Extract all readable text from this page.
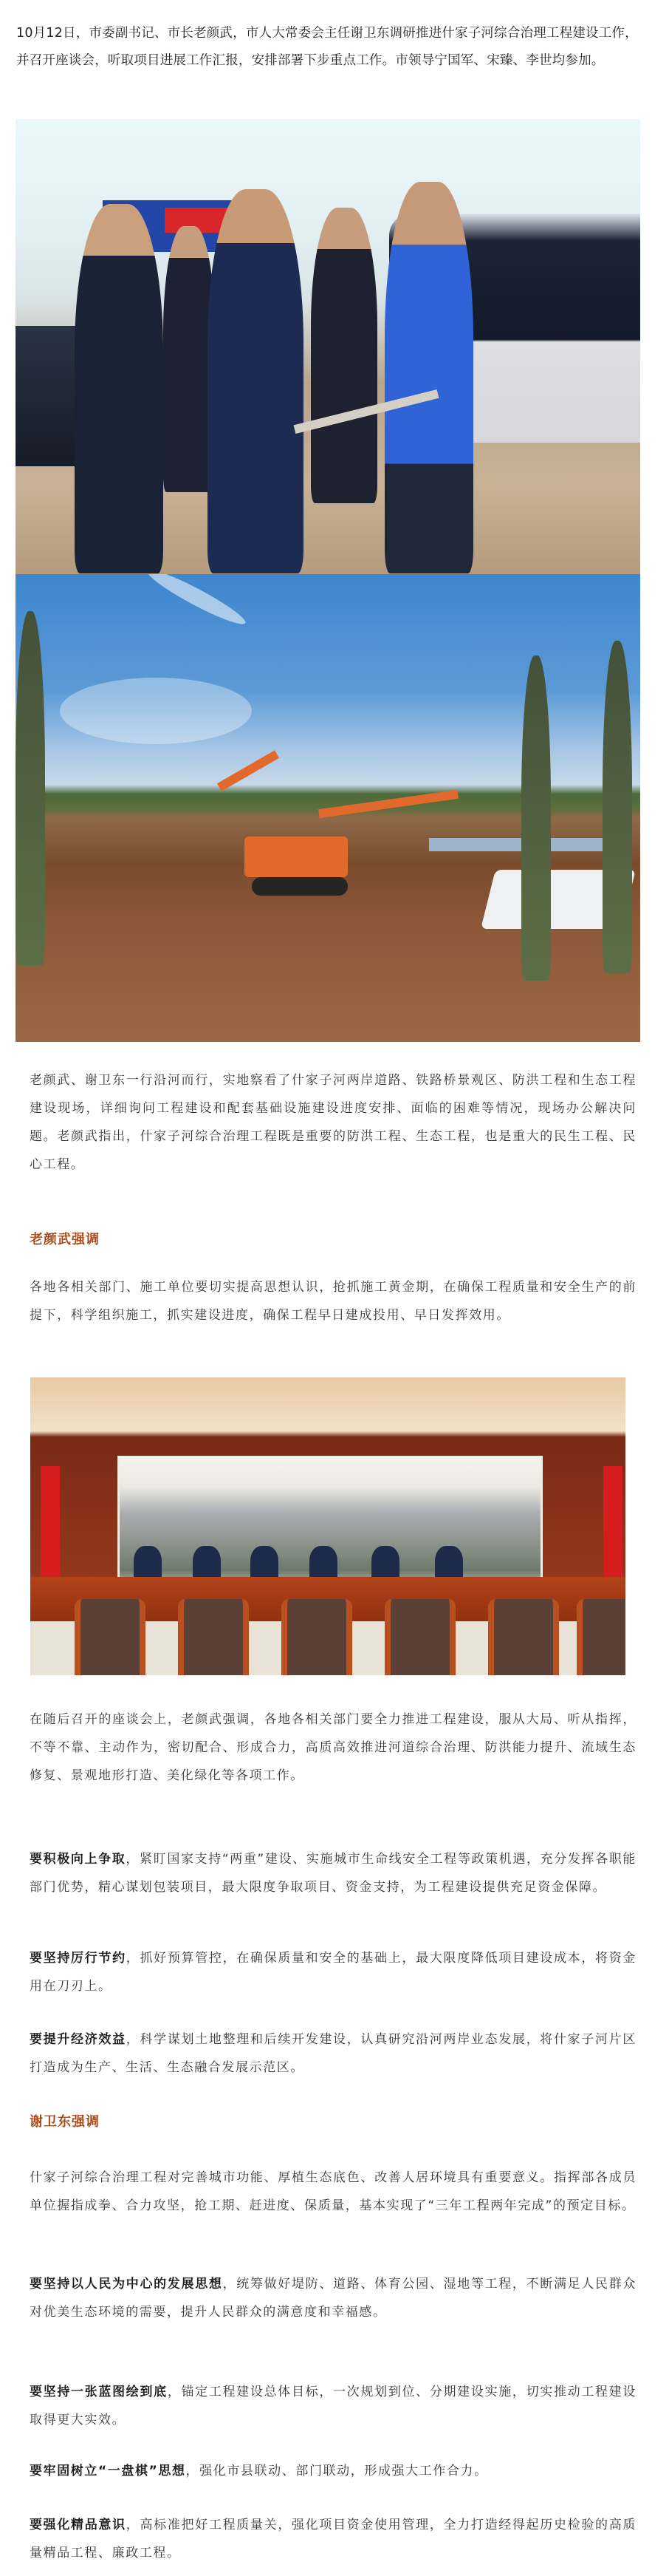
10月12日，市委副书记、市长老颜武，市人大常委会主任谢卫东调研推进什家子河综合治理工程建设工作，并召开座谈会，听取项目进展工作汇报，安排部署下步重点工作。市领导宁国军、宋臻、李世均参加。

老颜武、谢卫东一行沿河而行，实地察看了什家子河两岸道路、铁路桥景观区、防洪工程和生态工程建设现场，详细询问工程建设和配套基础设施建设进度安排、面临的困难等情况，现场办公解决问题。老颜武指出，什家子河综合治理工程既是重要的防洪工程、生态工程，也是重大的民生工程、民心工程。

老颜武强调

各地各相关部门、施工单位要切实提高思想认识，抢抓施工黄金期，在确保工程质量和安全生产的前提下，科学组织施工，抓实建设进度，确保工程早日建成投用、早日发挥效用。

在随后召开的座谈会上，老颜武强调，各地各相关部门要全力推进工程建设，服从大局、听从指挥，不等不靠、主动作为，密切配合、形成合力，高质高效推进河道综合治理、防洪能力提升、流域生态修复、景观地形打造、美化绿化等各项工作。

要积极向上争取，紧盯国家支持“两重”建设、实施城市生命线安全工程等政策机遇，充分发挥各职能部门优势，精心谋划包装项目，最大限度争取项目、资金支持，为工程建设提供充足资金保障。

要坚持厉行节约，抓好预算管控，在确保质量和安全的基础上，最大限度降低项目建设成本，将资金用在刀刃上。

要提升经济效益，科学谋划土地整理和后续开发建设，认真研究沿河两岸业态发展，将什家子河片区打造成为生产、生活、生态融合发展示范区。

谢卫东强调

什家子河综合治理工程对完善城市功能、厚植生态底色、改善人居环境具有重要意义。指挥部各成员单位握指成拳、合力攻坚，抢工期、赶进度、保质量，基本实现了“三年工程两年完成”的预定目标。

要坚持以人民为中心的发展思想，统筹做好堤防、道路、体育公园、湿地等工程，不断满足人民群众对优美生态环境的需要，提升人民群众的满意度和幸福感。

要坚持一张蓝图绘到底，锚定工程建设总体目标，一次规划到位、分期建设实施，切实推动工程建设取得更大实效。

要牢固树立“一盘棋”思想，强化市县联动、部门联动，形成强大工作合力。

要强化精品意识，高标准把好工程质量关，强化项目资金使用管理，全力打造经得起历史检验的高质量精品工程、廉政工程。
